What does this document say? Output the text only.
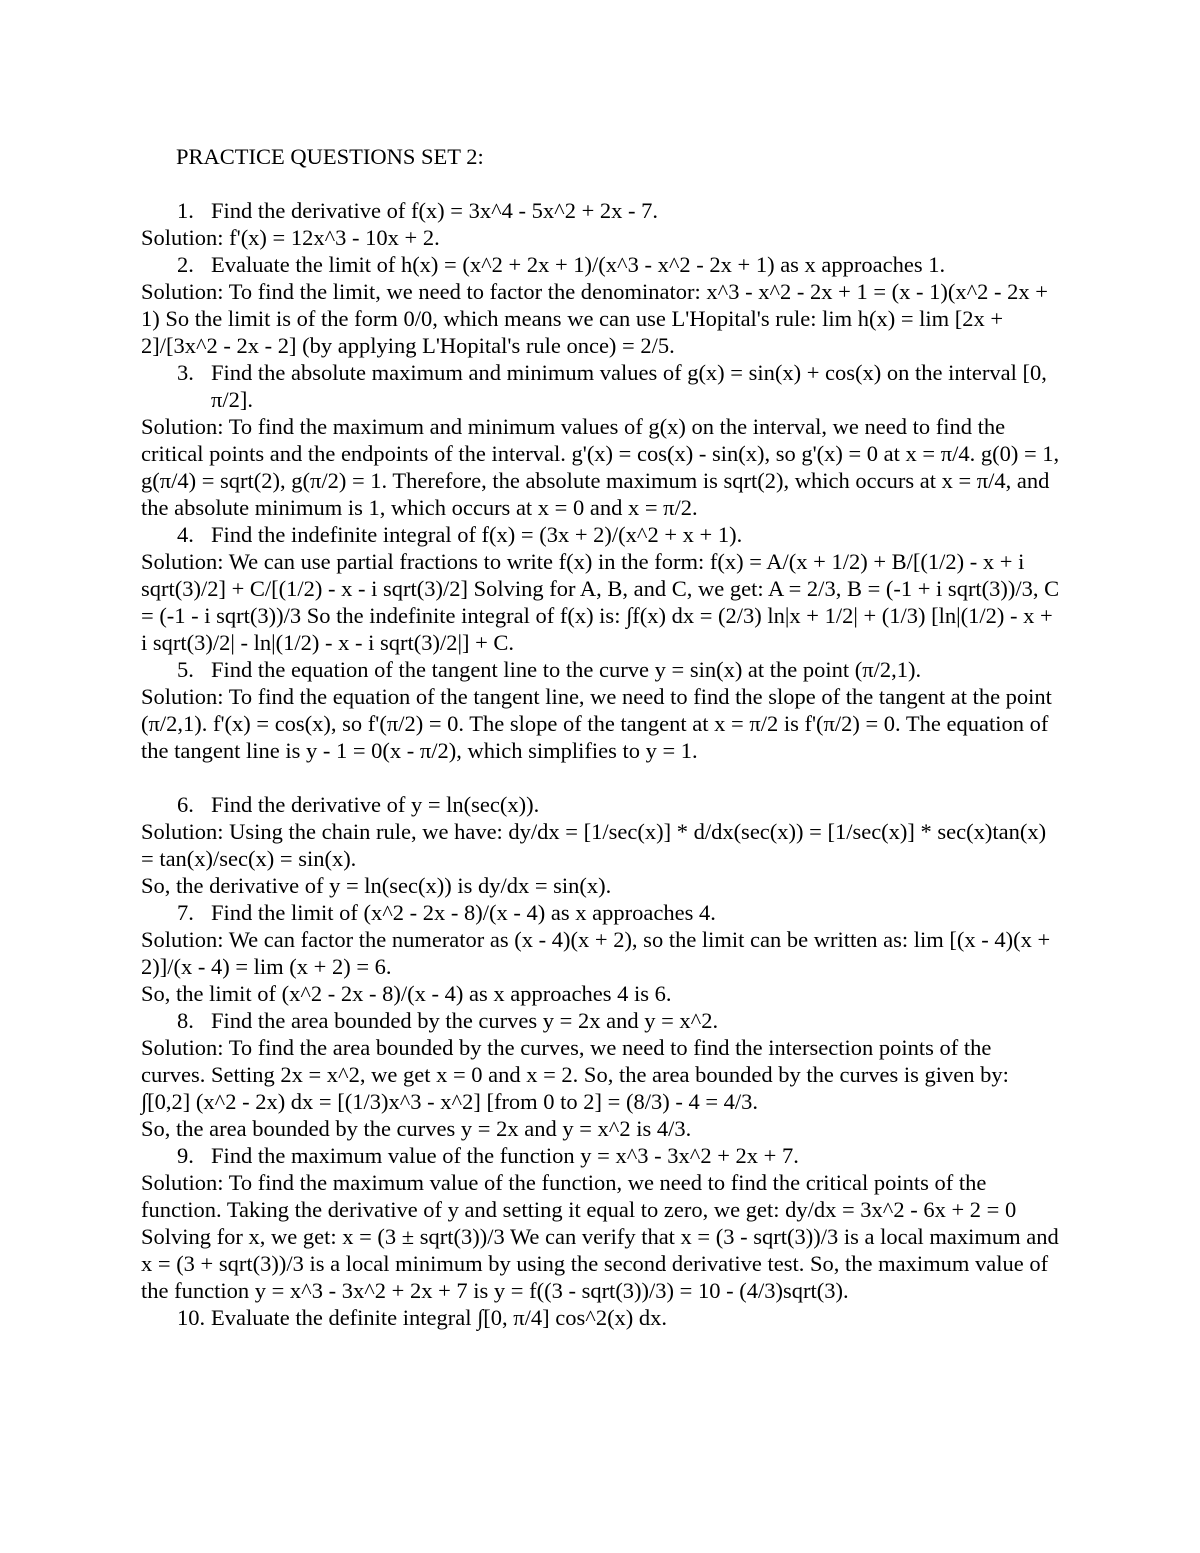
PRACTICE QUESTIONS SET 2:
1. Find the derivative of f(x) = 3x^4 - 5x^2 + 2x - 7.

Solution: f'(x) = 12x^3 - 10x + 2.

2. Evaluate the limit of h(x) = (x^2 + 2x + 1)/(x^3 - x^2 - 2x + 1) as x approaches 1.

Solution: To find the limit, we need to factor the denominator: x^3 - x^2 - 2x + 1 = (x - 1)(x^2 - 2x + 1) So the limit is of the form 0/0, which means we can use L'Hopital's rule: lim h(x) = lim [2x + 2]/[3x^2 - 2x - 2] (by applying L'Hopital's rule once) = 2/5.

3. Find the absolute maximum and minimum values of g(x) = sin(x) + cos(x) on the interval [0, π/2].

Solution: To find the maximum and minimum values of g(x) on the interval, we need to find the critical points and the endpoints of the interval. g'(x) = cos(x) - sin(x), so g'(x) = 0 at x = π/4. g(0) = 1, g(π/4) = sqrt(2), g(π/2) = 1. Therefore, the absolute maximum is sqrt(2), which occurs at x = π/4, and the absolute minimum is 1, which occurs at x = 0 and x = π/2.

4. Find the indefinite integral of f(x) = (3x + 2)/(x^2 + x + 1).

Solution: We can use partial fractions to write f(x) in the form: f(x) = A/(x + 1/2) + B/[(1/2) - x + i sqrt(3)/2] + C/[(1/2) - x - i sqrt(3)/2] Solving for A, B, and C, we get: A = 2/3, B = (-1 + i sqrt(3))/3, C = (-1 - i sqrt(3))/3 So the indefinite integral of f(x) is: ∫f(x) dx = (2/3) ln|x + 1/2| + (1/3) [ln|(1/2) - x + i sqrt(3)/2| - ln|(1/2) - x - i sqrt(3)/2|] + C.

5. Find the equation of the tangent line to the curve y = sin(x) at the point (π/2,1).

Solution: To find the equation of the tangent line, we need to find the slope of the tangent at the point (π/2,1). f'(x) = cos(x), so f'(π/2) = 0. The slope of the tangent at x = π/2 is f'(π/2) = 0. The equation of the tangent line is y - 1 = 0(x - π/2), which simplifies to y = 1.

6. Find the derivative of y = ln(sec(x)).

Solution: Using the chain rule, we have: dy/dx = [1/sec(x)] * d/dx(sec(x)) = [1/sec(x)] * sec(x)tan(x) = tan(x)/sec(x) = sin(x).

So, the derivative of y = ln(sec(x)) is dy/dx = sin(x).

7. Find the limit of (x^2 - 2x - 8)/(x - 4) as x approaches 4.

Solution: We can factor the numerator as (x - 4)(x + 2), so the limit can be written as: lim [(x - 4)(x + 2)]/(x - 4) = lim (x + 2) = 6.

So, the limit of (x^2 - 2x - 8)/(x - 4) as x approaches 4 is 6.

8. Find the area bounded by the curves y = 2x and y = x^2.

Solution: To find the area bounded by the curves, we need to find the intersection points of the curves. Setting 2x = x^2, we get x = 0 and x = 2. So, the area bounded by the curves is given by: ∫[0,2] (x^2 - 2x) dx = [(1/3)x^3 - x^2] [from 0 to 2] = (8/3) - 4 = 4/3.

So, the area bounded by the curves y = 2x and y = x^2 is 4/3.

9. Find the maximum value of the function y = x^3 - 3x^2 + 2x + 7.

Solution: To find the maximum value of the function, we need to find the critical points of the function. Taking the derivative of y and setting it equal to zero, we get: dy/dx = 3x^2 - 6x + 2 = 0 Solving for x, we get: x = (3 ± sqrt(3))/3 We can verify that x = (3 - sqrt(3))/3 is a local maximum and x = (3 + sqrt(3))/3 is a local minimum by using the second derivative test. So, the maximum value of the function y = x^3 - 3x^2 + 2x + 7 is y = f((3 - sqrt(3))/3) = 10 - (4/3)sqrt(3).

10. Evaluate the definite integral ∫[0, π/4] cos^2(x) dx.
